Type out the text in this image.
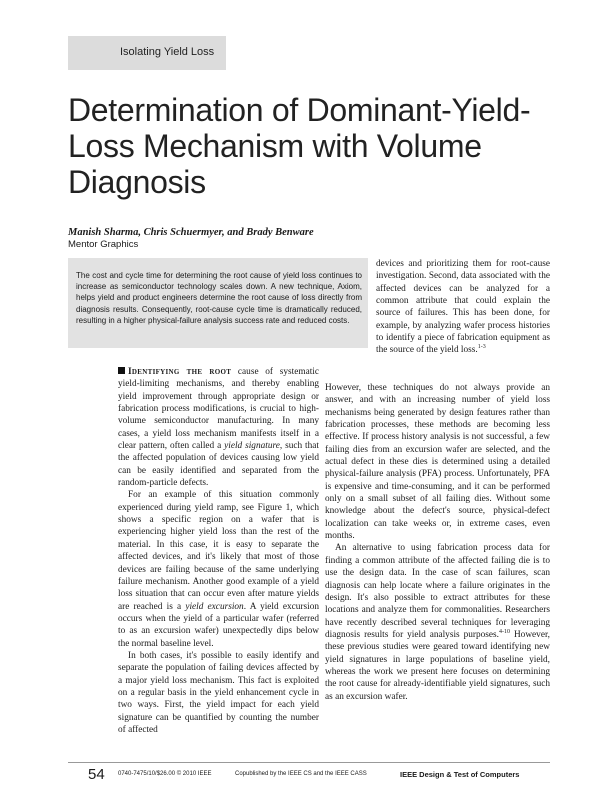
Isolating Yield Loss
Determination of Dominant-Yield-Loss Mechanism with Volume Diagnosis
Manish Sharma, Chris Schuermyer, and Brady Benware
Mentor Graphics
The cost and cycle time for determining the root cause of yield loss continues to increase as semiconductor technology scales down. A new technique, Axiom, helps yield and product engineers determine the root cause of loss directly from diagnosis results. Consequently, root-cause cycle time is dramatically reduced, resulting in a higher physical-failure analysis success rate and reduced costs.

Identifying the root cause of systematic yield-limiting mechanisms, and thereby enabling yield improvement through appropriate design or fabrication process modifications, is crucial to high-volume semiconductor manufacturing. In many cases, a yield loss mechanism manifests itself in a clear pattern, often called a yield signature, such that the affected population of devices causing low yield can be easily identified and separated from the random-particle defects.

For an example of this situation commonly experienced during yield ramp, see Figure 1, which shows a specific region on a wafer that is experiencing higher yield loss than the rest of the material. In this case, it is easy to separate the affected devices, and it's likely that most of those devices are failing because of the same underlying failure mechanism. Another good example of a yield loss situation that can occur even after mature yields are reached is a yield excursion. A yield excursion occurs when the yield of a particular wafer (referred to as an excursion wafer) unexpectedly dips below the normal baseline level.

In both cases, it's possible to easily identify and separate the population of failing devices affected by a major yield loss mechanism. This fact is exploited on a regular basis in the yield enhancement cycle in two ways. First, the yield impact for each yield signature can be quantified by counting the number of affected

devices and prioritizing them for root-cause investigation. Second, data associated with the affected devices can be analyzed for a common attribute that could explain the source of failures. This has been done, for example, by analyzing wafer process histories to identify a piece of fabrication equipment as the source of the yield loss.$^{1-3}$

However, these techniques do not always provide an answer, and with an increasing number of yield loss mechanisms being generated by design features rather than fabrication processes, these methods are becoming less effective. If process history analysis is not successful, a few failing dies from an excursion wafer are selected, and the actual defect in these dies is determined using a detailed physical-failure analysis (PFA) process. Unfortunately, PFA is expensive and time-consuming, and it can be performed only on a small subset of all failing dies. Without some knowledge about the defect's source, physical-defect localization can take weeks or, in extreme cases, even months.

An alternative to using fabrication process data for finding a common attribute of the affected failing die is to use the design data. In the case of scan failures, scan diagnosis can help locate where a failure originates in the design. It's also possible to extract attributes for these locations and analyze them for commonalities. Researchers have recently described several techniques for leveraging diagnosis results for yield analysis purposes.$^{4-10}$ However, these previous studies were geared toward identifying new yield signatures in large populations of baseline yield, whereas the work we present here focuses on determining the root cause for already-identifiable yield signatures, such as an excursion wafer.

54 0740-7475/10/$26.00 © 2010 IEEE	Copublished by the IEEE CS and the IEEE CASS	IEEE Design & Test of Computers
